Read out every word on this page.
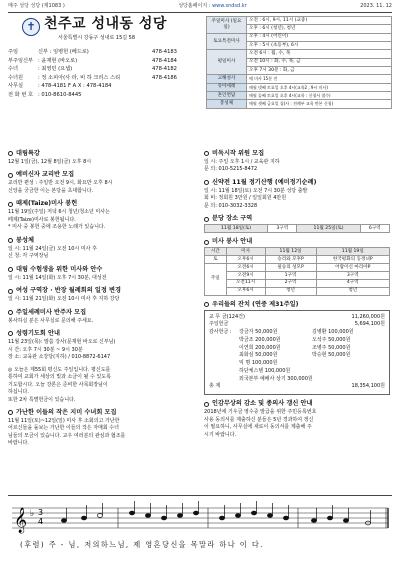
매주 성당 성당 (제1083 )	성당홈페이지 : www.sndsd.kr	2023. 11. 12
✝ 천주교 성내동 성당
서울특별시 강동구 성내로 15길 58
주임	신부 : 임병헌 (베드로)	478-4183
부주임신부 : 윤재현 (바오로)	478-4184
수녀	: 최영민 (요셉)	478-4182
수녀원	: 정 소피아(사 라, 비 하 크리스 스티	478-4186
사무실	: 478-4181 F A X : 478-4184
전 화 번 호 : 010-8610-8445
주일미사 (일요일)	오전 : 6시, 9시, 11시 (교중)
	오후 : 6시 (청년), 청년
토요특전미사	오후 : 4시 (어린이)
	오후 : 5시 (초등부), 6시
평일미사	오전 6시 : 월, 수, 목
	오전 10시 : 화, 수, 목, 금
	오후 7시 30분 : 화, 금
고해성사	매 미사 15분 전
유아세례	매월 넷째 토요일 오후 4시(교육2 , 9시 미사)
혼인면담	매월 둘째 토요일 오후 4시(교육 : 신청서 접수)
봉성체	매월 셋째 금요일 집(사 : 전례부 교육 반본 신청)
대림특강
12월 1일(금), 12월 8일(금) 오후 8시
예비신자 교리반 모집
교리반 편성 : 주일반 오전 9시, 화요반 오후 8시
신앙을 궁금한 이는 본당을 초대합니다.
때제(Taize)미사 봉헌
11월 19일(주일) 저녁 6시 청년/청소년 미사는
떼제(Taize)미사로 봉헌됩니다.
* 미사 중 봉헌 중에 조용한 노래가 있습니다.
봉성체
일 시: 11월 24일(금) 오전 10시 미사 후
신 청: 각 구역장님
대림 수험생을 위한 미사와 안수
일 시: 11월 14일(화) 오후 7시 30분, 대성전
여성 구역장 · 반장 월례회의 일정 변경
일 시: 11월 21일(화) 오전 10시 미사 후 지하 강당
주일세례미사 반주자 모집
봉사하실 분은 사무실로 문의해 주세요.
성령기도회 안내
11월 23일(목): 말씀 강사(문재현 바오로 신부님)
시 간: 오후 7시 30분 ~ 9시 30분
장 소: 교육관 소강당(지하) / 010-8872-6147
◎ 오늘은 제55회 평신도 주일입니다. 평신도를
통하여 교회가 세상의 빛과 소금이 될 수 있도록
기도합시다. 오늘 강론은 준비한 사목회장님이
하십니다.
또한 2차 특별헌금이 있습니다.
가난한 이들의 작은 지미 수녀회 모집
11월 11일(토)~12일(일) 미사 후 소회의고 가난한
어르신들을 돌보는 가난한 이들의 작은 자매회 수녀
님들의 모금이 있습니다. 교우 여러분의 관심과 협조를
바랍니다.
비독시작 위원 모집
일 시: 주일 오후 1시 / 교육관 지하
문 의: 010-5215-8472
신약전 11월 정기산행 (예미정기순례)
일 시: 11월 18일(토) 오전 7시 30분 성당 출발
회 비: 정회원 3만원 / 일일회원 4만원
문 의: 010-3032-3328
분당 장소 구역
11월 18일(토)	3구역	11월 25일(토)	6구역
미사 봉사 안내
시간	미사	11월 12일	11월 19일
토	오후6시	승리와 모후P	한국평화의 동정녀P
주일	오전6시	필승의 성모P	어람이신 마리아P
	오전9시	1구역	3구역
	오전11시	2구역	4구역
	오후6시	청년	청년
우리들의 잔치 (연중 제31주일)
교 무 금(124건)	11,260,000원
주일헌금	5,694,100원
감사헌금 :	강금자 50,000원	김병환 100,000원
박금조 200,000원	오석주 50,000원
이연희 200,000원	조병주 50,000원
최화심 50,000원	박승현 50,000원
익 명 100,000원
하단체스텐 100,000원
외국본부 예배사 상기 300,000원
총 계	18,354,100원
인감무상의 감소 및 종의사 갱신 안내
2018년에 기우금 영수증 발급을 위한 주민등록번호
사용 동의서를 제출하신 분들은 5년 경과하여 갱신
이 필요하니, 사무실에 새로이 동의서를 제출해 주
시기 바랍니다.
𝄞 ♭ 3
4
(후렴) 주 - 님, 저의하느님, 제 영혼당신을 목말라 하나 이 다.
